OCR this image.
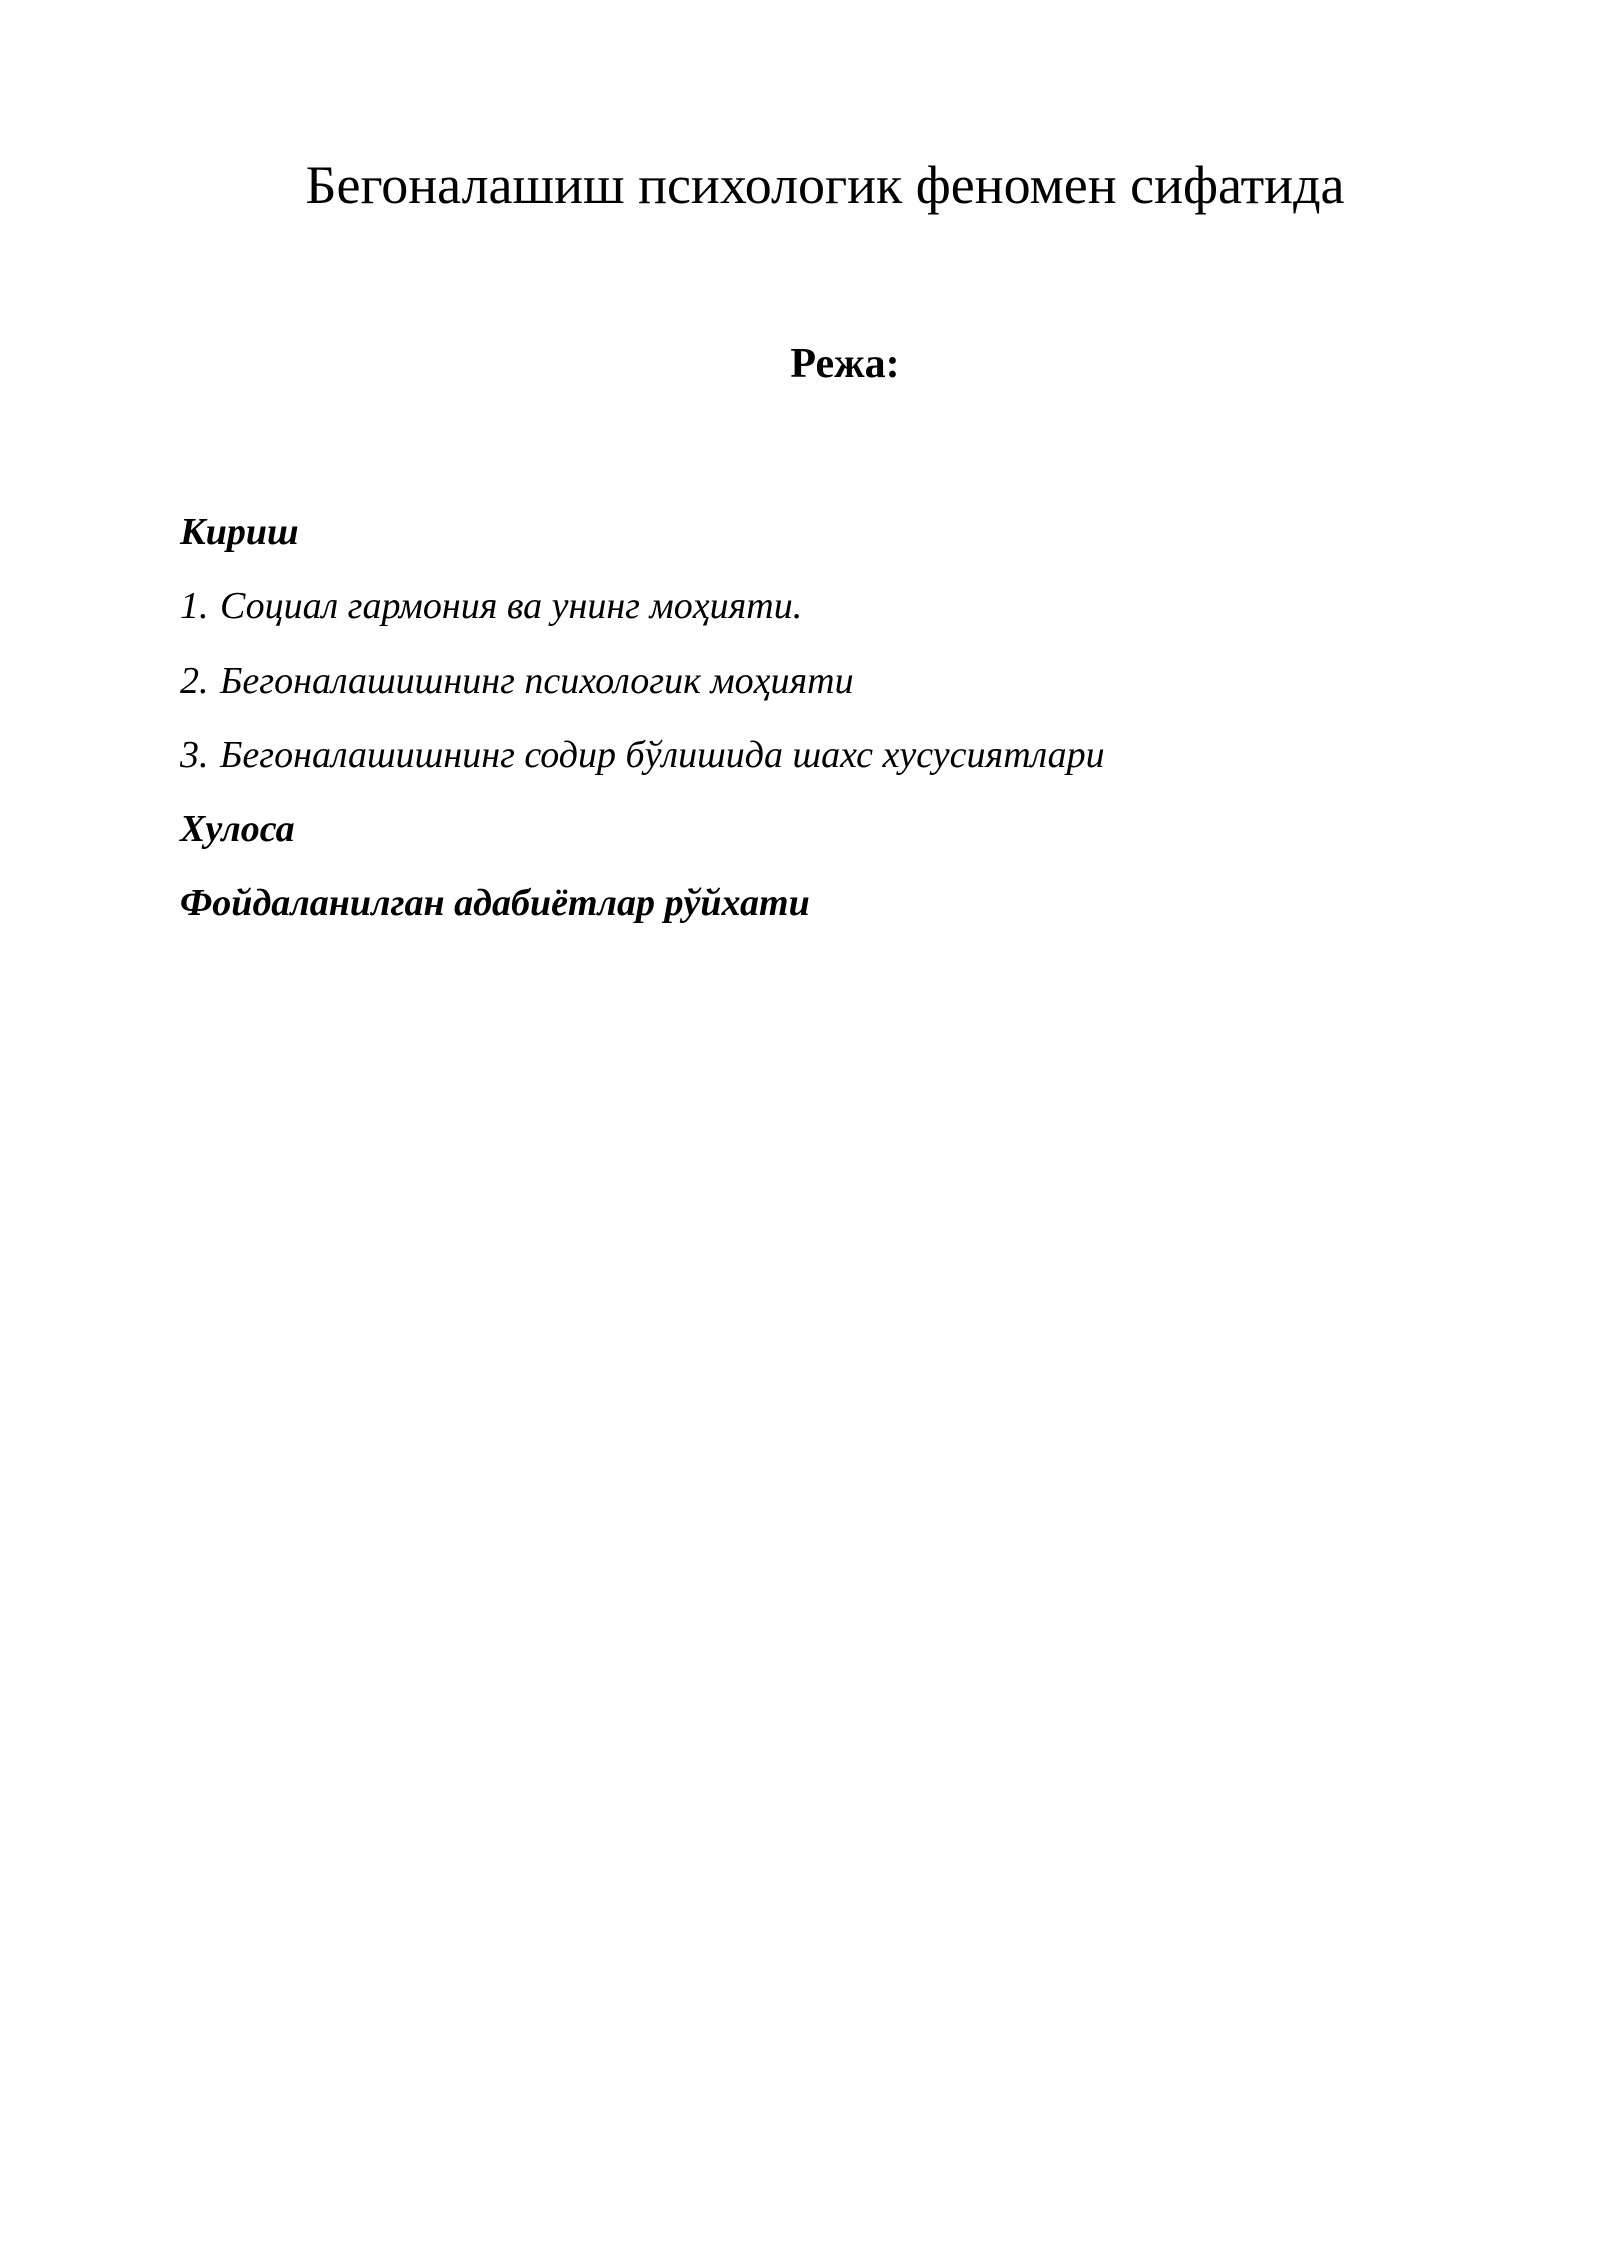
Бегоналашиш психологик феномен сифатида
Режа:
Кириш
1. Социал гармония ва унинг моҳияти.
2. Бегоналашишнинг психологик моҳияти
3. Бегоналашишнинг содир бўлишида шахс хусусиятлари
Хулоса
Фойдаланилган адабиётлар рўйхати
